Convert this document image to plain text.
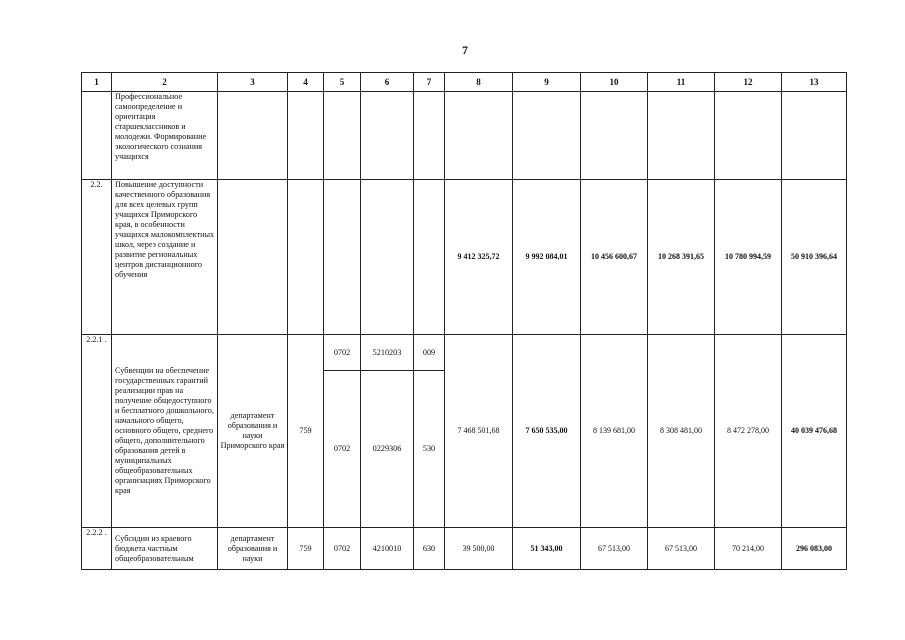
7
1	2	3	4	5	6	7	8	9	10	11	12	13
	Профессиональное самоопределение и ориентация старшеклассников и молодежи. Формирование экологического сознания учащихся											
2.2.	Повышение доступности качественного образования для всех целевых групп учащихся Приморского края, в особенности учащихся малокомплектных школ, через создание и развитие региональных центров дистанционного обучения						9 412 325,72	9 992 084,01	10 456 600,67	10 268 391,65	10 780 994,59	50 910 396,64
2.2.1 .	Субвенции на обеспечение государственных гарантий реализации прав на получение общедоступного и бесплатного дошкольного, начального общего, основного общего, среднего общего, дополнительного образования детей в муниципальных общеобразовательных организациях Приморского края	департамент образования и науки Приморского края	759	0702	5210203	009	7 468 501,68	7 650 535,00	8 139 681,00	8 308 481,00	8 472 278,00	40 039 476,68
				0702	0229306	530						
2.2.2 .	Субсидии из краевого бюджета частным общеобразовательным	департамент образования и науки	759	0702	4210010	630	39 500,00	51 343,00	67 513,00	67 513,00	70 214,00	296 083,00
